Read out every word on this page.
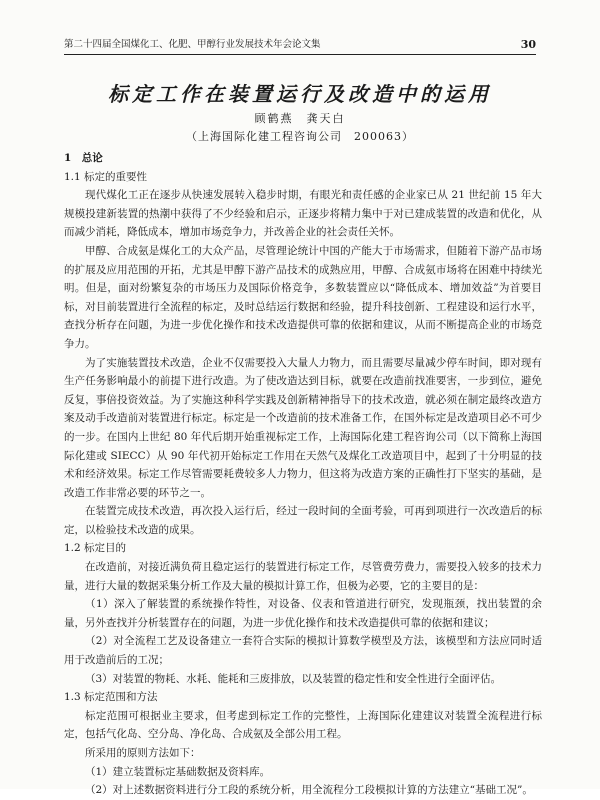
第二十四届全国煤化工、化肥、甲醇行业发展技术年会论文集	30
标定工作在装置运行及改造中的运用
顾鹤燕　龚天白
（上海国际化建工程咨询公司　200063）

1　总论

1.1 标定的重要性

现代煤化工正在逐步从快速发展转入稳步时期，有眼光和责任感的企业家已从 21 世纪前 15 年大规模投建新装置的热潮中获得了不少经验和启示，正逐步将精力集中于对已建成装置的改造和优化，从而减少消耗，降低成本，增加市场竞争力，并改善企业的社会责任关怀。

甲醇、合成氨是煤化工的大众产品，尽管理论统计中国的产能大于市场需求，但随着下游产品市场的扩展及应用范围的开拓，尤其是甲醇下游产品技术的成熟应用，甲醇、合成氨市场将在困难中持续光明。但是，面对纷繁复杂的市场压力及国际价格竞争，多数装置应以“降低成本、增加效益”为首要目标，对目前装置进行全流程的标定，及时总结运行数据和经验，提升科技创新、工程建设和运行水平，查找分析存在问题，为进一步优化操作和技术改造提供可靠的依据和建议，从而不断提高企业的市场竞争力。

为了实施装置技术改造，企业不仅需要投入大量人力物力，而且需要尽量减少停车时间，即对现有生产任务影响最小的前提下进行改造。为了使改造达到目标，就要在改造前找准要害，一步到位，避免反复，事倍投资效益。为了实施这种科学实践及创新精神指导下的技术改造，就必须在制定最终改造方案及动手改造前对装置进行标定。标定是一个改造前的技术准备工作，在国外标定是改造项目必不可少的一步。在国内上世纪 80 年代后期开始重视标定工作，上海国际化建工程咨询公司（以下简称上海国际化建或 SIECC）从 90 年代初开始标定工作用在天然气及煤化工改造项目中，起到了十分明显的技术和经济效果。标定工作尽管需要耗费较多人力物力，但这将为改造方案的正确性打下坚实的基础，是改造工作非常必要的环节之一。

在装置完成技术改造，再次投入运行后，经过一段时间的全面考验，可再到项进行一次改造后的标定，以检验技术改造的成果。

1.2 标定目的

在改造前，对接近满负荷且稳定运行的装置进行标定工作，尽管费劳费力，需要投入较多的技术力量，进行大量的数据采集分析工作及大量的模拟计算工作，但极为必要，它的主要目的是：

（1）深入了解装置的系统操作特性，对设备、仪表和管道进行研究，发现瓶颈，找出装置的余量，另外查找并分析装置存在的问题，为进一步优化操作和技术改造提供可靠的依据和建议；

（2）对全流程工艺及设备建立一套符合实际的模拟计算数学模型及方法，该模型和方法应同时适用于改造前后的工况；

（3）对装置的物耗、水耗、能耗和三废排放，以及装置的稳定性和安全性进行全面评估。

1.3 标定范围和方法

标定范围可根据业主要求，但考虑到标定工作的完整性，上海国际化建建议对装置全流程进行标定，包括气化岛、空分岛、净化岛、合成氨及全部公用工程。

所采用的原则方法如下：

（1）建立装置标定基础数据及资料库。

（2）对上述数据资料进行分工段的系统分析，用全流程分工段模拟计算的方法建立“基础工况”。
